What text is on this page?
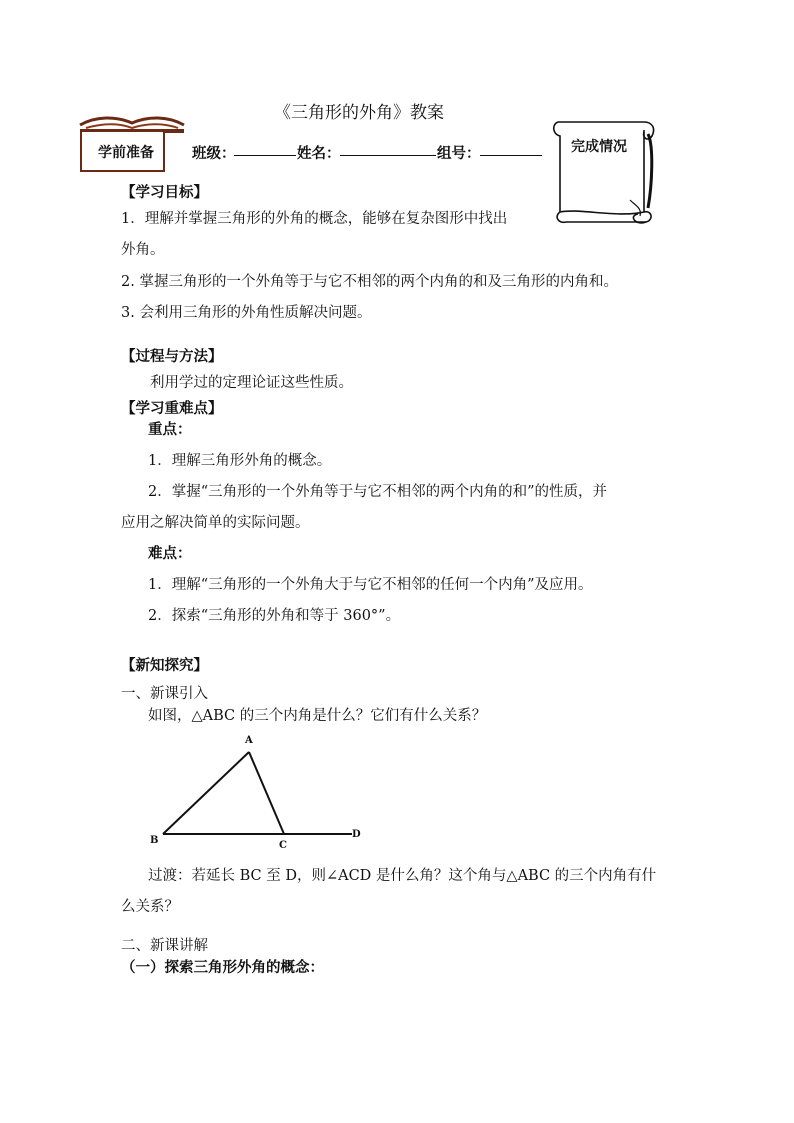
《三角形的外角》教案
学前准备	班级：	姓名：	组号：	完成情况
【学习目标】
1．理解并掌握三角形的外角的概念，能够在复杂图形中找出
外角。
2. 掌握三角形的一个外角等于与它不相邻的两个内角的和及三角形的内角和。
3. 会利用三角形的外角性质解决问题。
【过程与方法】
利用学过的定理论证这些性质。
【学习重难点】
重点：
1．理解三角形外角的概念。
2．掌握“三角形的一个外角等于与它不相邻的两个内角的和”的性质，并
应用之解决简单的实际问题。
难点：
1．理解“三角形的一个外角大于与它不相邻的任何一个内角”及应用。
2．探索“三角形的外角和等于 360°”。
【新知探究】
一、新课引入
如图，△ABC 的三个内角是什么？它们有什么关系？
A
B	C
D
过渡：若延长 BC 至 D，则∠ACD 是什么角？这个角与△ABC 的三个内角有什
么关系？
二、新课讲解
（一）探索三角形外角的概念：
